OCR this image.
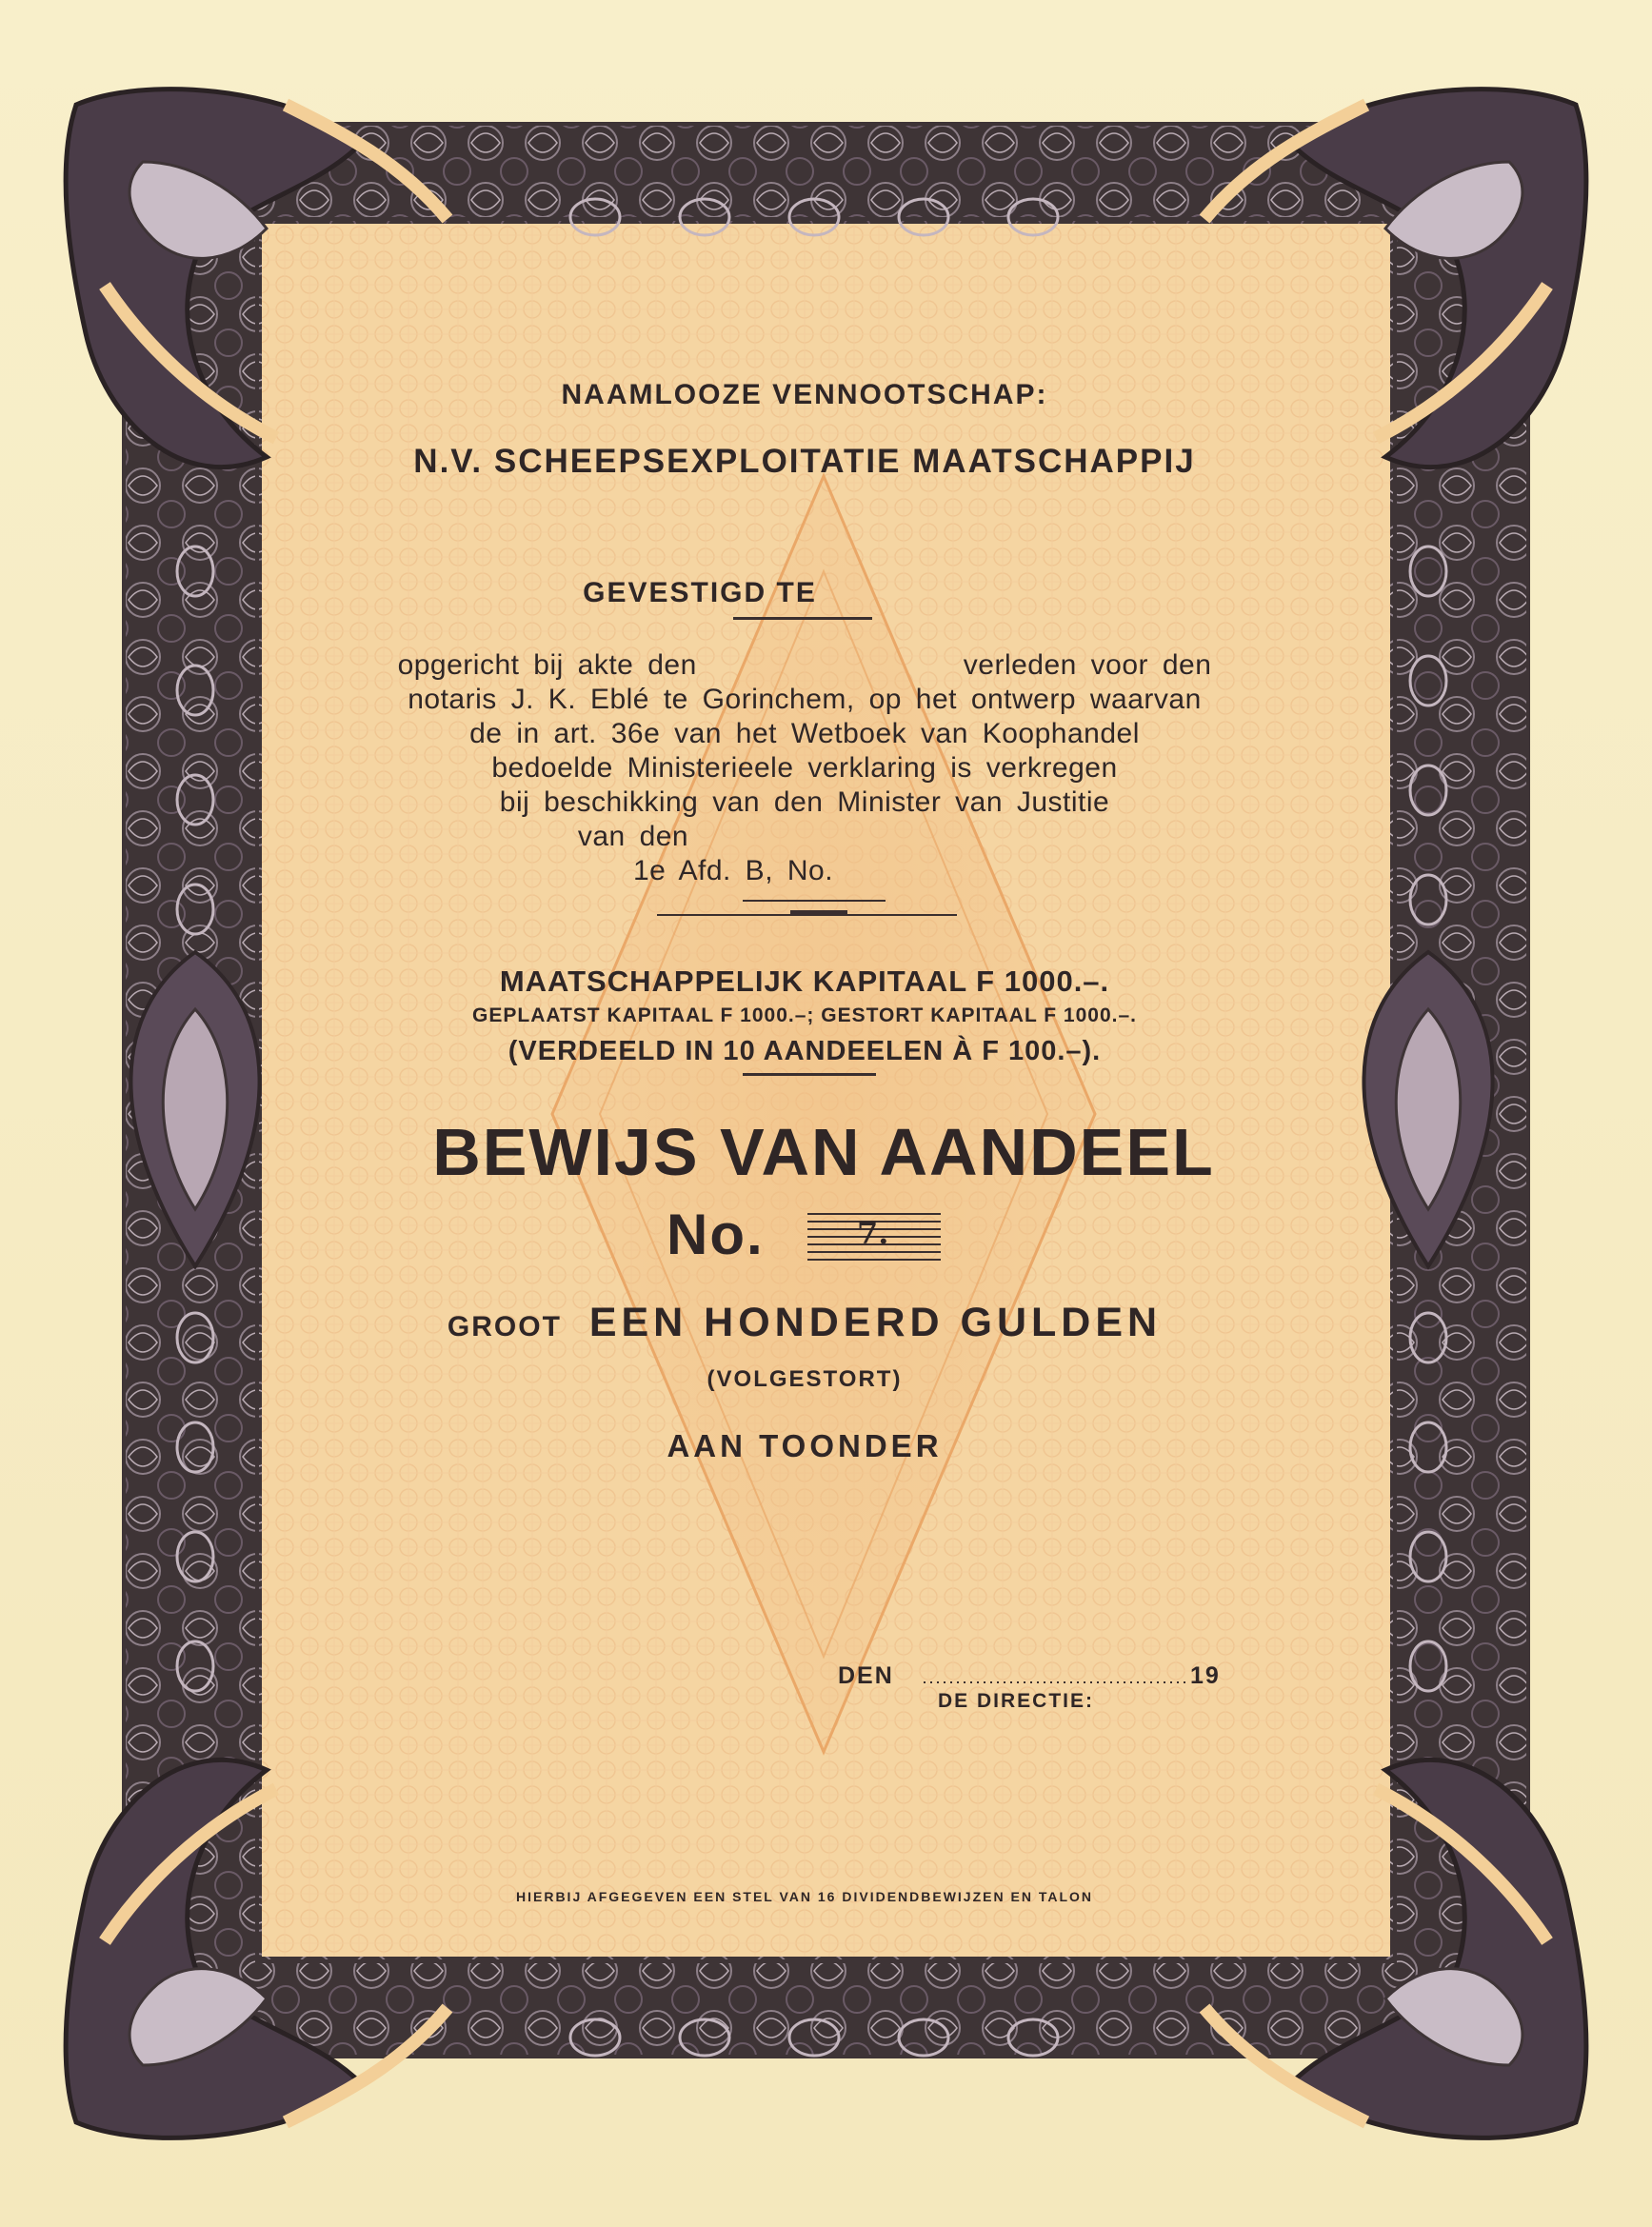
NAAMLOOZE VENNOOTSCHAP:
N.V. SCHEEPSEXPLOITATIE MAATSCHAPPIJ
GEVESTIGD TE
opgericht bij akte den	verleden voor den
notaris J. K. Eblé te Gorinchem, op het ontwerp waarvan
de in art. 36e van het Wetboek van Koophandel
bedoelde Ministerieele verklaring is verkregen
bij beschikking van den Minister van Justitie
van den
1e Afd. B, No.
MAATSCHAPPELIJK KAPITAAL F 1000.–.
GEPLAATST KAPITAAL F 1000.–; GESTORT KAPITAAL F 1000.–.
(VERDEELD IN 10 AANDEELEN À F 100.–).
BEWIJS VAN AANDEEL
No.	7.
GROOT EEN HONDERD GULDEN
(VOLGESTORT)
AAN TOONDER
DEN	19
DE DIRECTIE:
HIERBIJ AFGEGEVEN EEN STEL VAN 16 DIVIDENDBEWIJZEN EN TALON
